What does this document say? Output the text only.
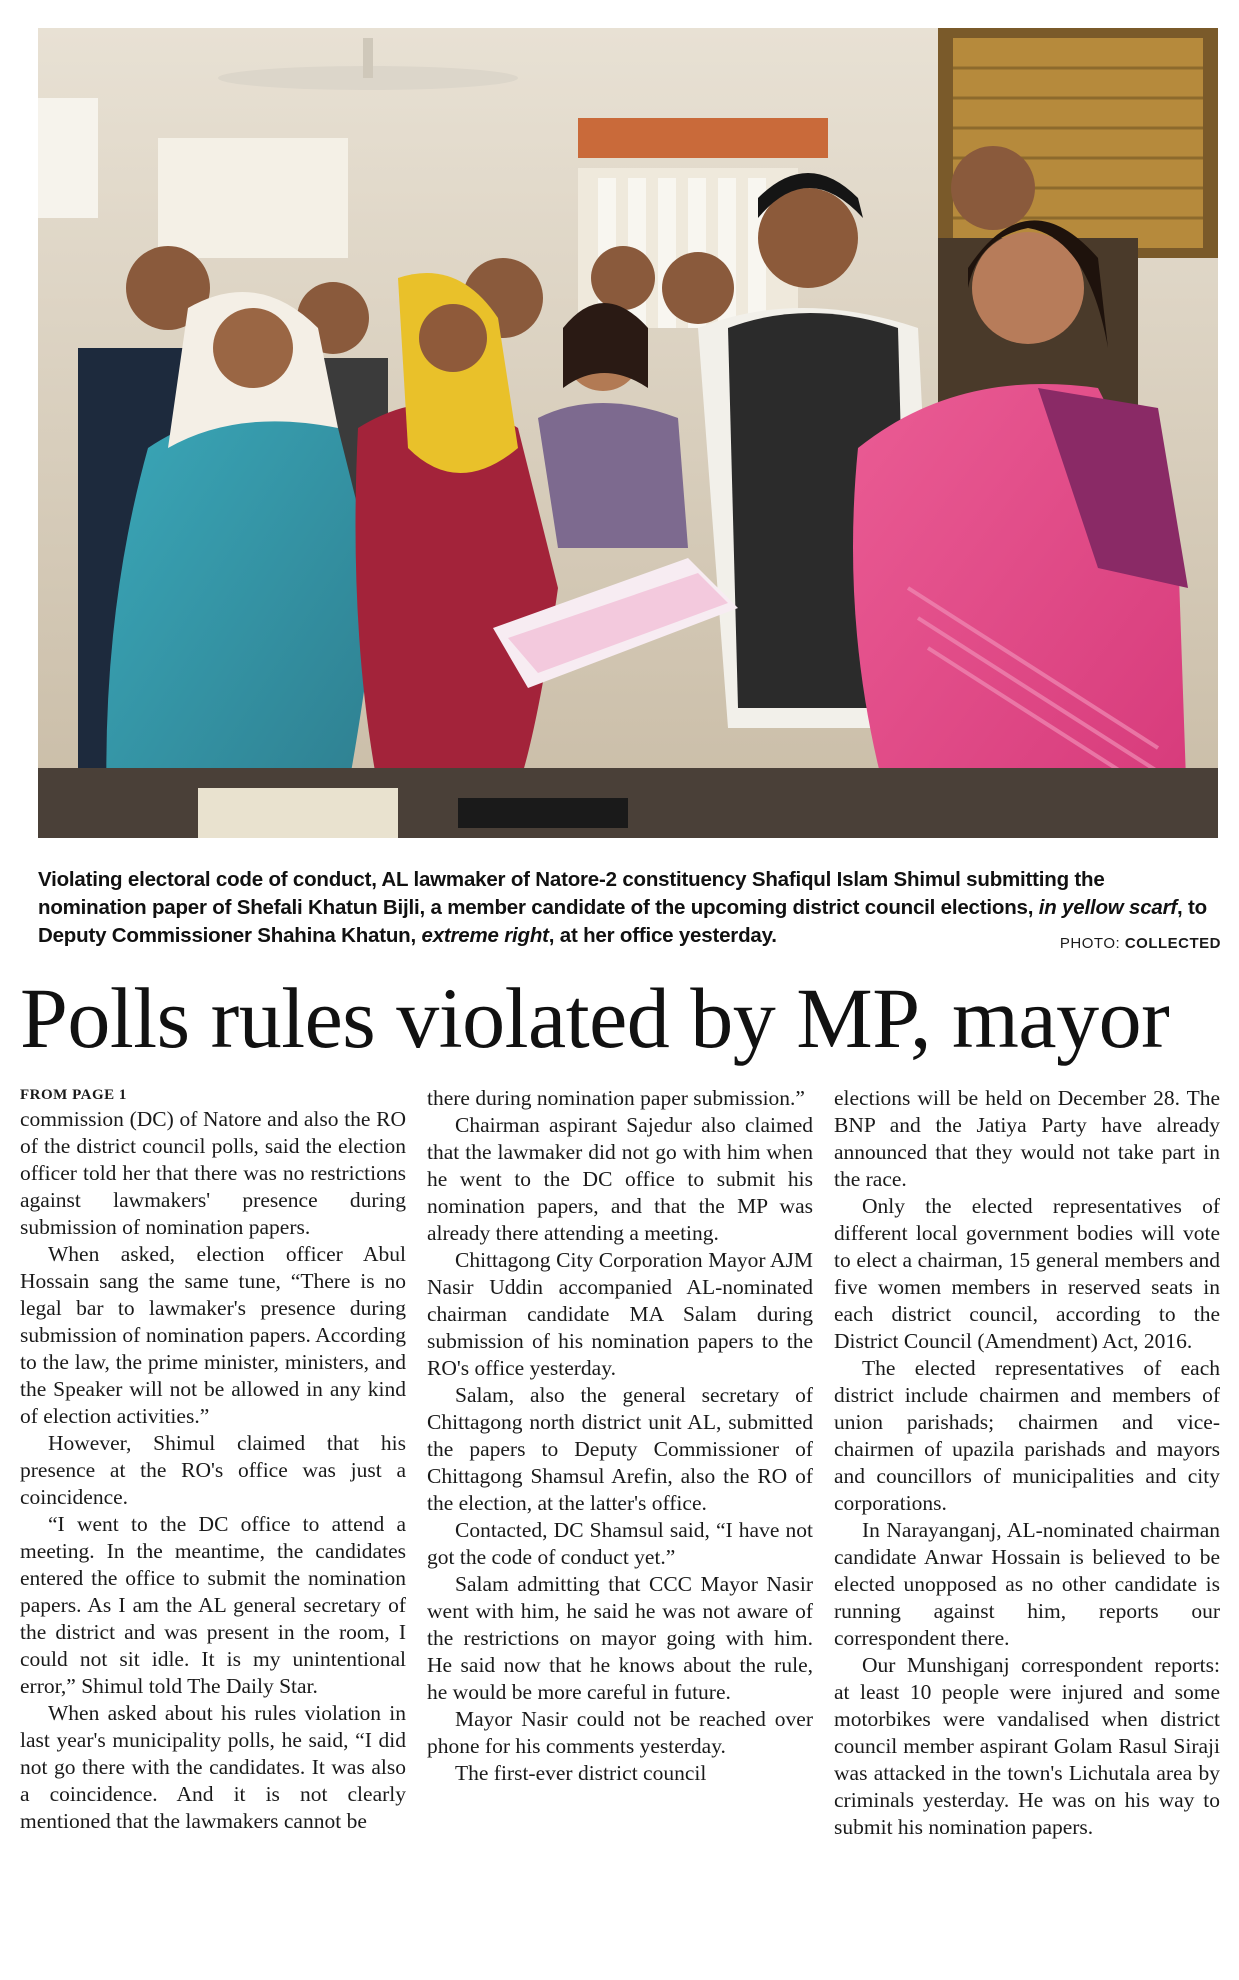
Violating electoral code of conduct, AL lawmaker of Natore-2 constituency Shafiqul Islam Shimul submitting the nomination paper of Shefali Khatun Bijli, a member candidate of the upcoming district council elections, in yellow scarf, to Deputy Commissioner Shahina Khatun, extreme right, at her office yesterday.	PHOTO: COLLECTED
Polls rules violated by MP, mayor
FROM PAGE 1

commission (DC) of Natore and also the RO of the district council polls, said the election officer told her that there was no restrictions against lawmakers' presence during submission of nomination papers.

When asked, election officer Abul Hossain sang the same tune, “There is no legal bar to lawmaker's presence during submission of nomination papers. According to the law, the prime minister, ministers, and the Speaker will not be allowed in any kind of election activities.”

However, Shimul claimed that his presence at the RO's office was just a coincidence.

“I went to the DC office to attend a meeting. In the meantime, the candidates entered the office to submit the nomination papers. As I am the AL general secretary of the district and was present in the room, I could not sit idle. It is my unintentional error,” Shimul told The Daily Star.

When asked about his rules violation in last year's municipality polls, he said, “I did not go there with the candidates. It was also a coincidence. And it is not clearly mentioned that the lawmakers cannot be

there during nomination paper submission.”

Chairman aspirant Sajedur also claimed that the lawmaker did not go with him when he went to the DC office to submit his nomination papers, and that the MP was already there attending a meeting.

Chittagong City Corporation Mayor AJM Nasir Uddin accompanied AL-nominated chairman candidate MA Salam during submission of his nomination papers to the RO's office yesterday.

Salam, also the general secretary of Chittagong north district unit AL, submitted the papers to Deputy Commissioner of Chittagong Shamsul Arefin, also the RO of the election, at the latter's office.

Contacted, DC Shamsul said, “I have not got the code of conduct yet.”

Salam admitting that CCC Mayor Nasir went with him, he said he was not aware of the restrictions on mayor going with him. He said now that he knows about the rule, he would be more careful in future.

Mayor Nasir could not be reached over phone for his comments yesterday.

The first-ever district council

elections will be held on December 28. The BNP and the Jatiya Party have already announced that they would not take part in the race.

Only the elected representatives of different local government bodies will vote to elect a chairman, 15 general members and five women members in reserved seats in each district council, according to the District Council (Amendment) Act, 2016.

The elected representatives of each district include chairmen and members of union parishads; chairmen and vice-chairmen of upazila parishads and mayors and councillors of municipalities and city corporations.

In Narayanganj, AL-nominated chairman candidate Anwar Hossain is believed to be elected unopposed as no other candidate is running against him, reports our correspondent there.

Our Munshiganj correspondent reports: at least 10 people were injured and some motorbikes were vandalised when district council member aspirant Golam Rasul Siraji was attacked in the town's Lichutala area by criminals yesterday. He was on his way to submit his nomination papers.
